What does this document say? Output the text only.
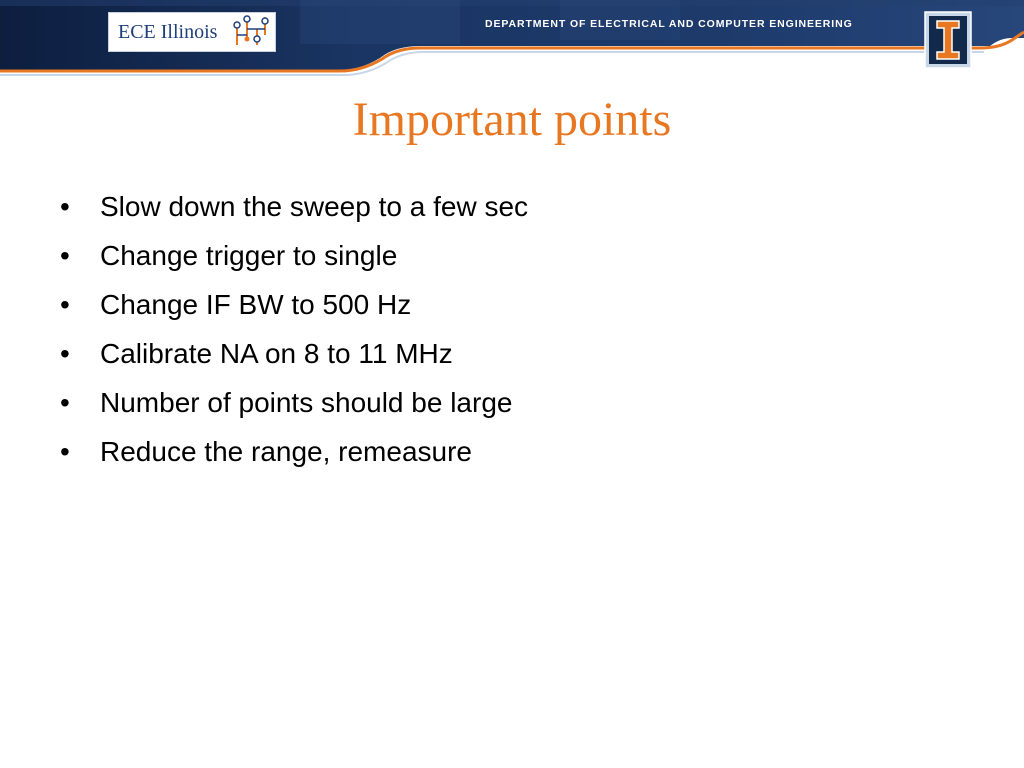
ECE Illinois	DEPARTMENT OF ELECTRICAL AND COMPUTER ENGINEERING
Important points
• Slow down the sweep to a few sec
• Change trigger to single
• Change IF BW to 500 Hz
• Calibrate NA on 8 to 11 MHz
• Number of points should be large
• Reduce the range, remeasure
